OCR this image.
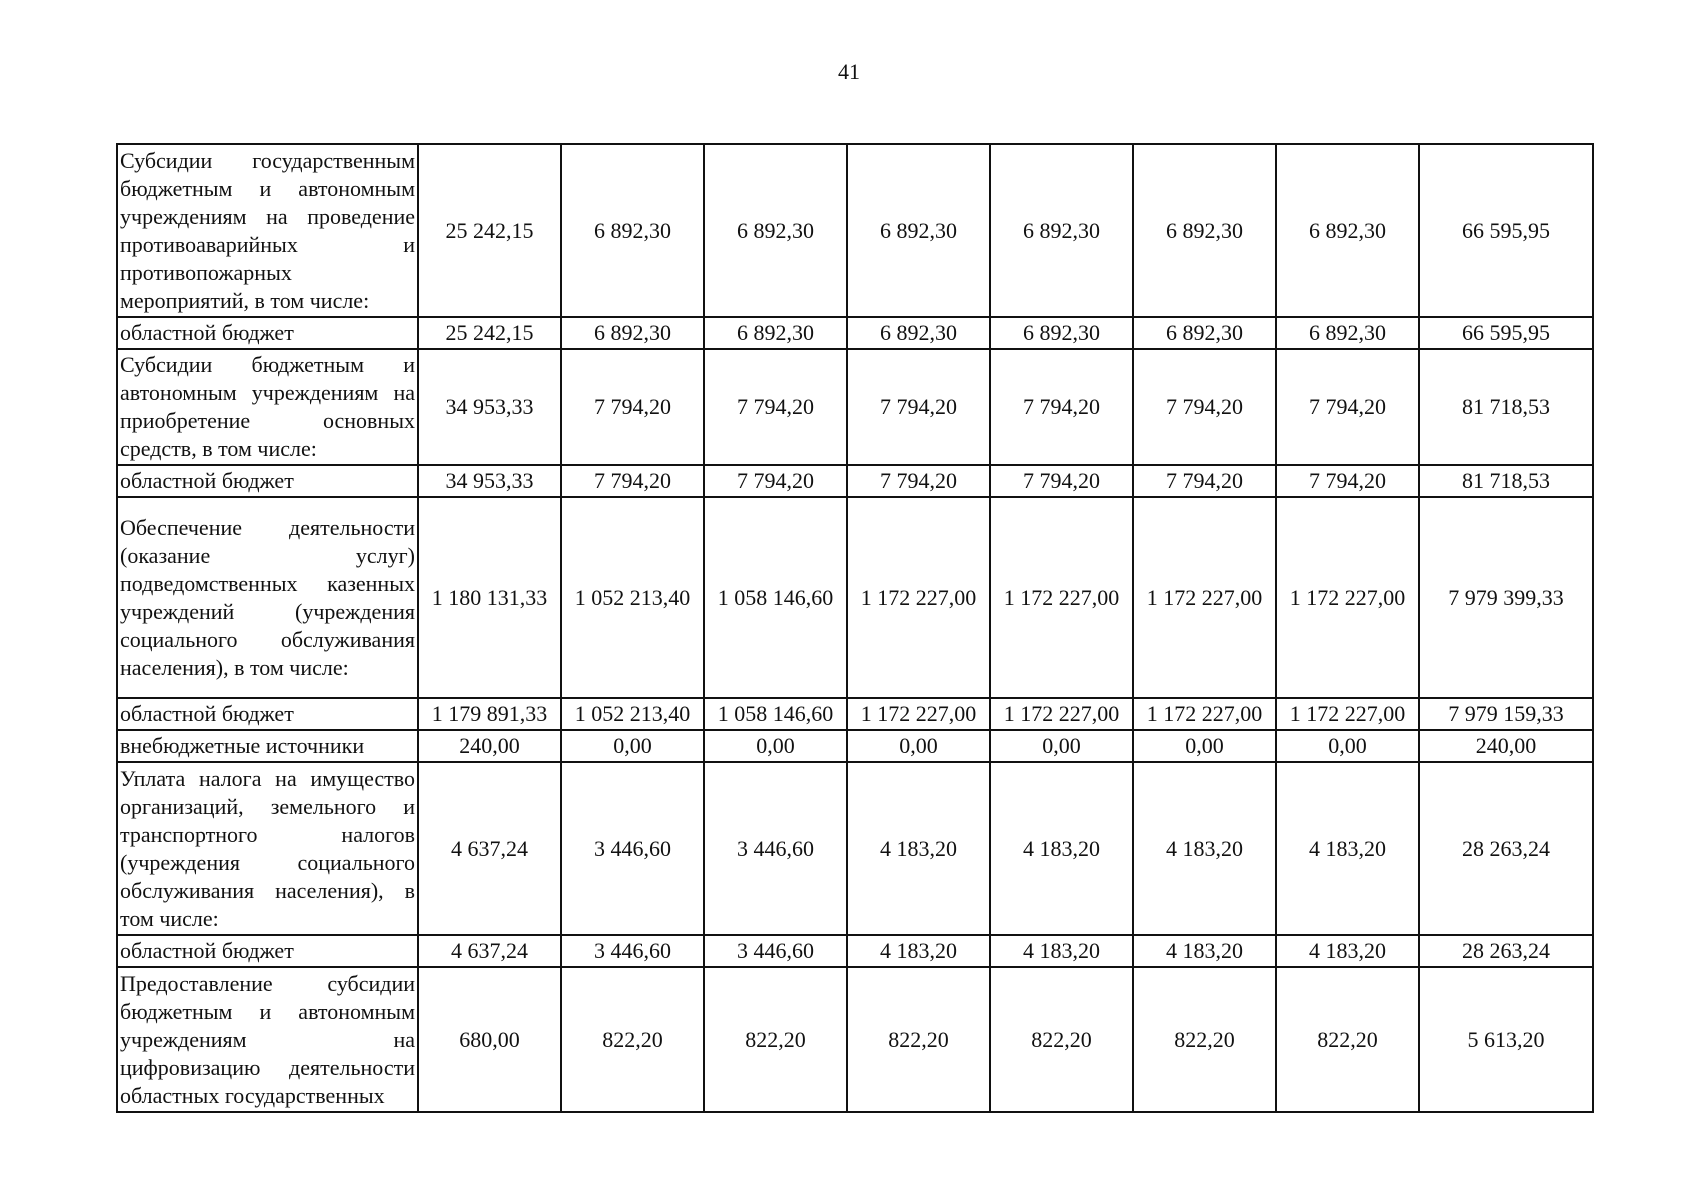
41
Субсидии государственным бюджетным и автономным учреждениям на проведение противоаварийных и противопожарных мероприятий, в том числе:	25 242,15	6 892,30	6 892,30	6 892,30	6 892,30	6 892,30	6 892,30	66 595,95
областной бюджет	25 242,15	6 892,30	6 892,30	6 892,30	6 892,30	6 892,30	6 892,30	66 595,95
Субсидии бюджетным и автономным учреждениям на приобретение основных средств, в том числе:	34 953,33	7 794,20	7 794,20	7 794,20	7 794,20	7 794,20	7 794,20	81 718,53
областной бюджет	34 953,33	7 794,20	7 794,20	7 794,20	7 794,20	7 794,20	7 794,20	81 718,53
Обеспечение деятельности (оказание услуг) подведомственных казенных учреждений (учреждения социального обслуживания населения), в том числе:	1 180 131,33	1 052 213,40	1 058 146,60	1 172 227,00	1 172 227,00	1 172 227,00	1 172 227,00	7 979 399,33
областной бюджет	1 179 891,33	1 052 213,40	1 058 146,60	1 172 227,00	1 172 227,00	1 172 227,00	1 172 227,00	7 979 159,33
внебюджетные источники	240,00	0,00	0,00	0,00	0,00	0,00	0,00	240,00
Уплата налога на имущество организаций, земельного и транспортного налогов (учреждения социального обслуживания населения), в том числе:	4 637,24	3 446,60	3 446,60	4 183,20	4 183,20	4 183,20	4 183,20	28 263,24
областной бюджет	4 637,24	3 446,60	3 446,60	4 183,20	4 183,20	4 183,20	4 183,20	28 263,24
Предоставление субсидии бюджетным и автономным учреждениям на цифровизацию деятельности областных государственных	680,00	822,20	822,20	822,20	822,20	822,20	822,20	5 613,20
